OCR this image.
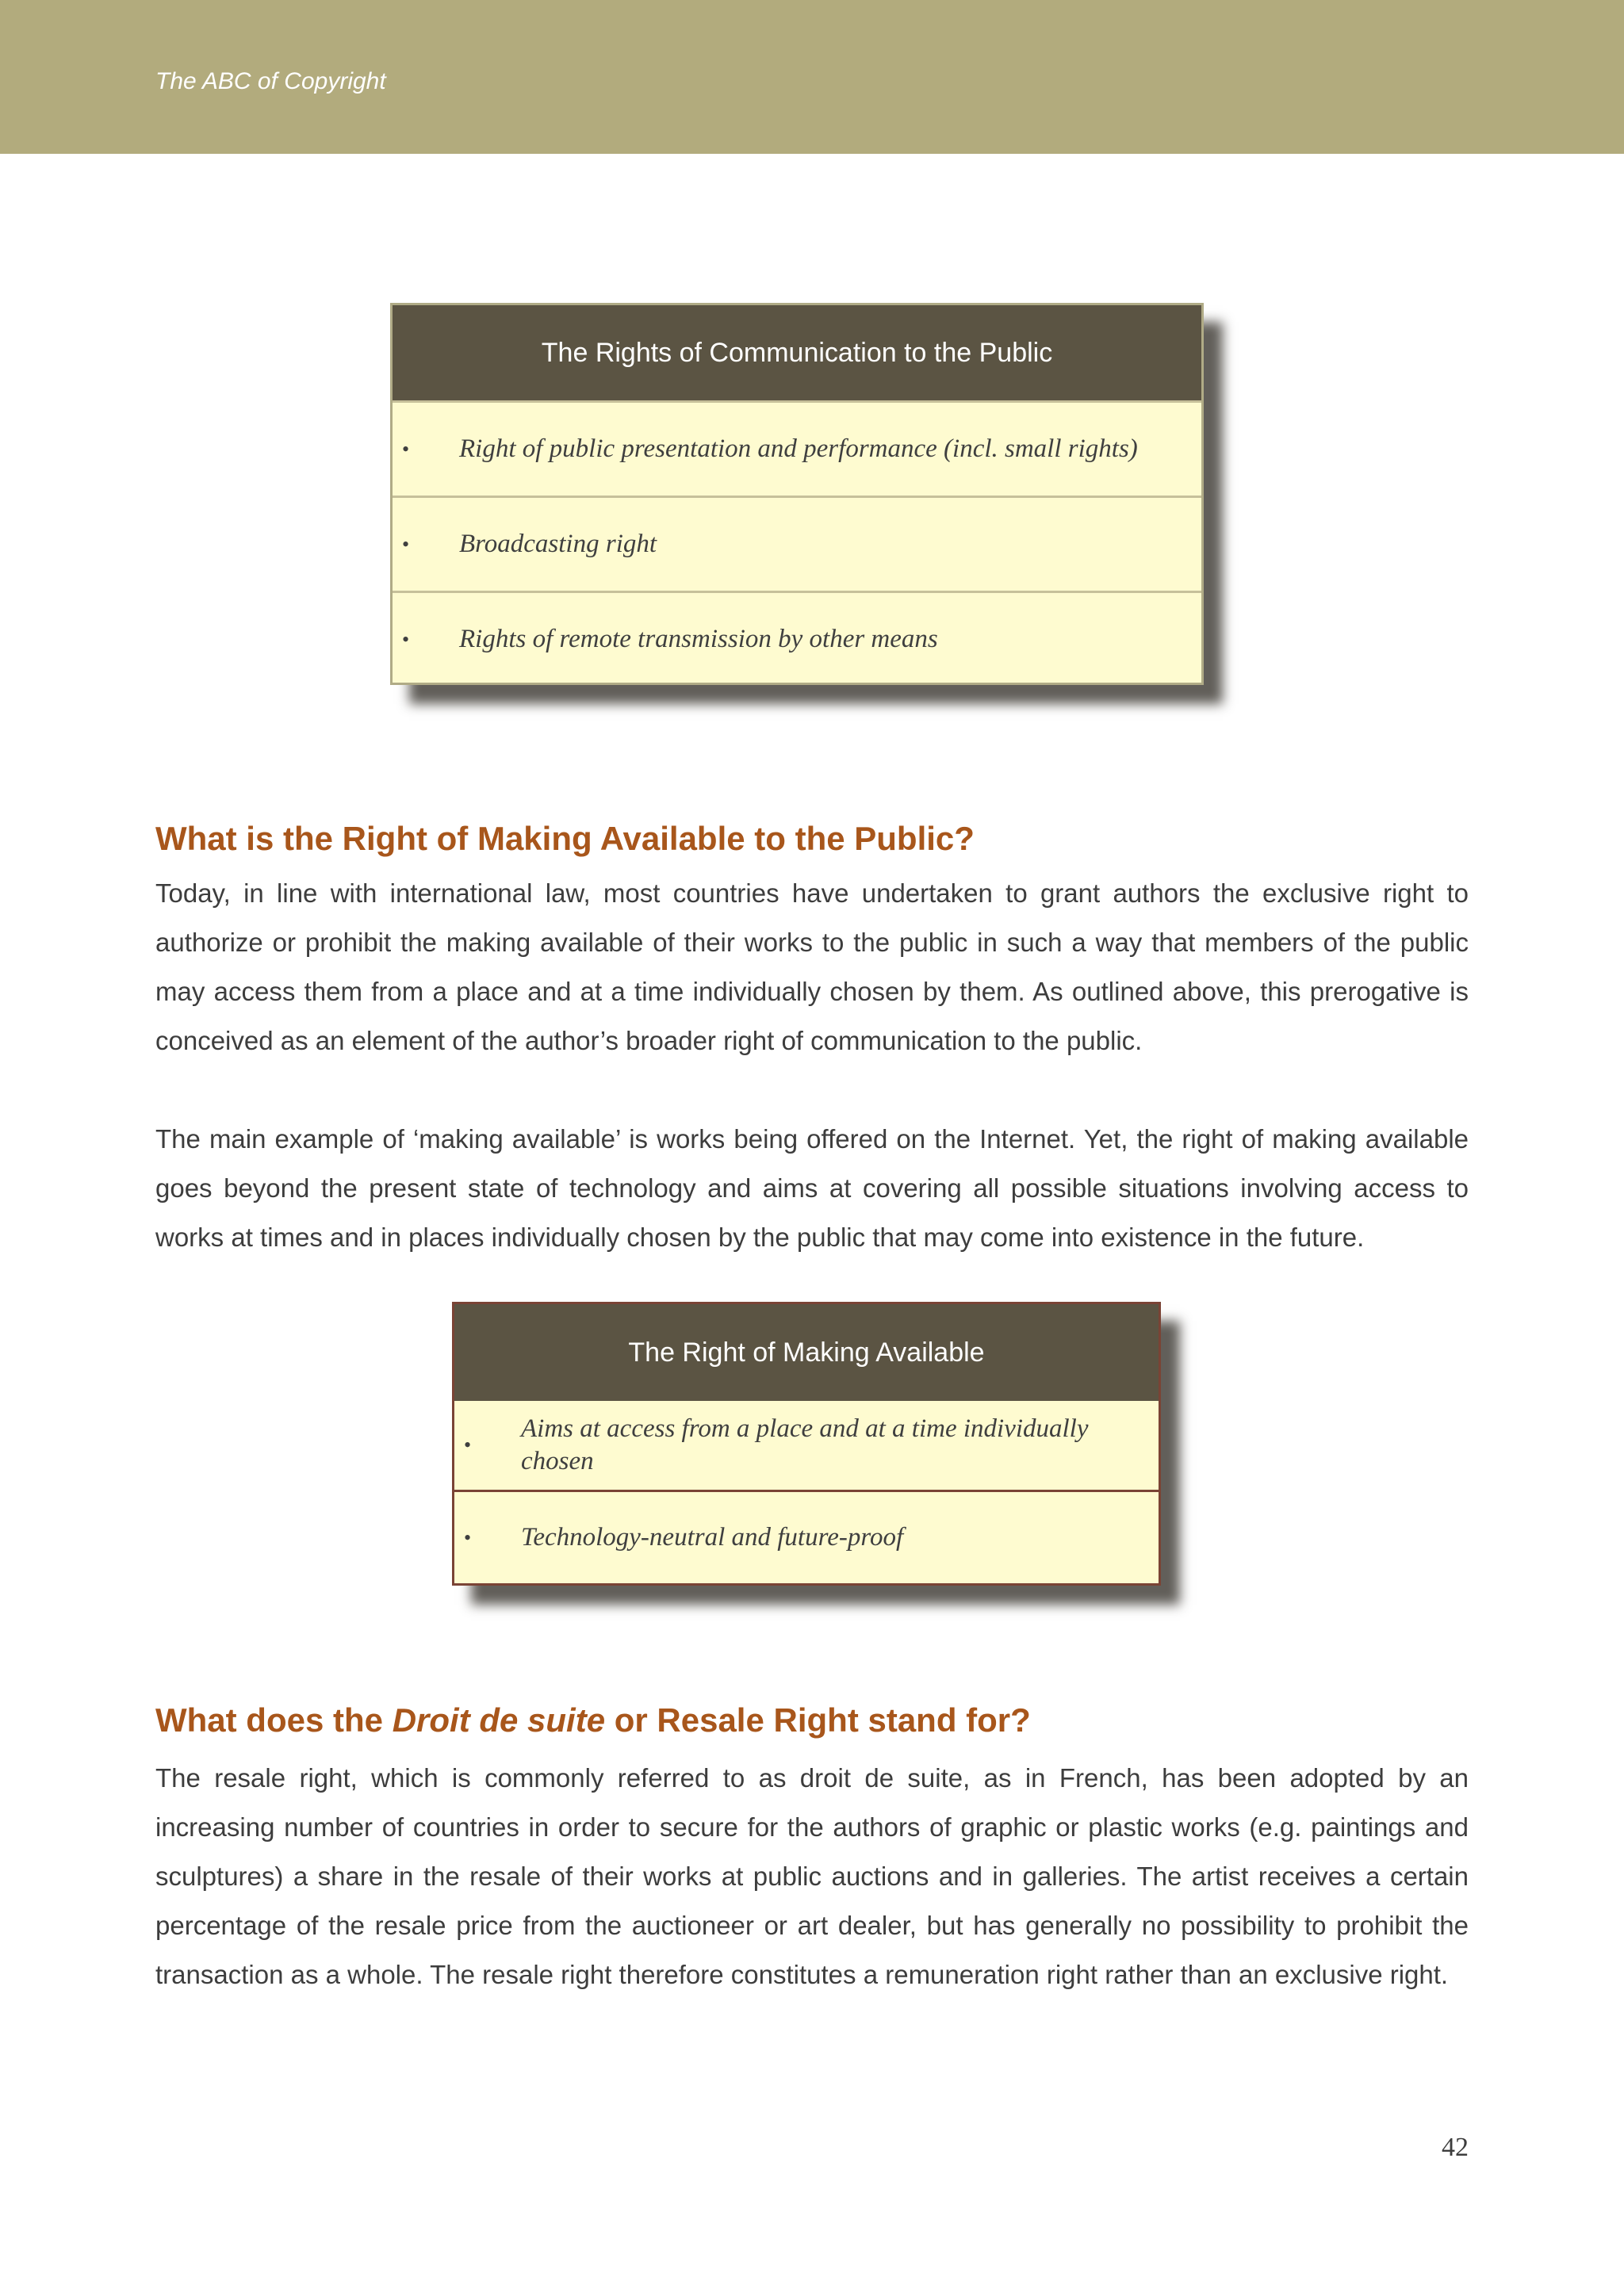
The ABC of Copyright
The Rights of Communication to the Public
•	Right of public presentation and performance (incl. small rights)
•	Broadcasting right
•	Rights of remote transmission by other means
What is the Right of Making Available to the Public?

Today, in line with international law, most countries have undertaken to grant authors the exclusive right to authorize or prohibit the making available of their works to the public in such a way that members of the public may access them from a place and at a time individually chosen by them. As outlined above, this prerogative is conceived as an element of the author’s broader right of communication to the public.

The main example of ‘making available’ is works being offered on the Internet. Yet, the right of making available goes beyond the present state of technology and aims at covering all possible situations involving access to works at times and in places individually chosen by the public that may come into existence in the future.

The Right of Making Available
•
Aims at access from a place and at a time individually chosen
•	Technology-neutral and future-proof
What does the Droit de suite or Resale Right stand for?

The resale right, which is commonly referred to as droit de suite, as in French, has been adopted by an increasing number of countries in order to secure for the authors of graphic or plastic works (e.g. paintings and sculptures) a share in the resale of their works at public auctions and in galleries. The artist receives a certain percentage of the resale price from the auctioneer or art dealer, but has generally no possibility to prohibit the transaction as a whole. The resale right therefore constitutes a remuneration right rather than an exclusive right.

42
